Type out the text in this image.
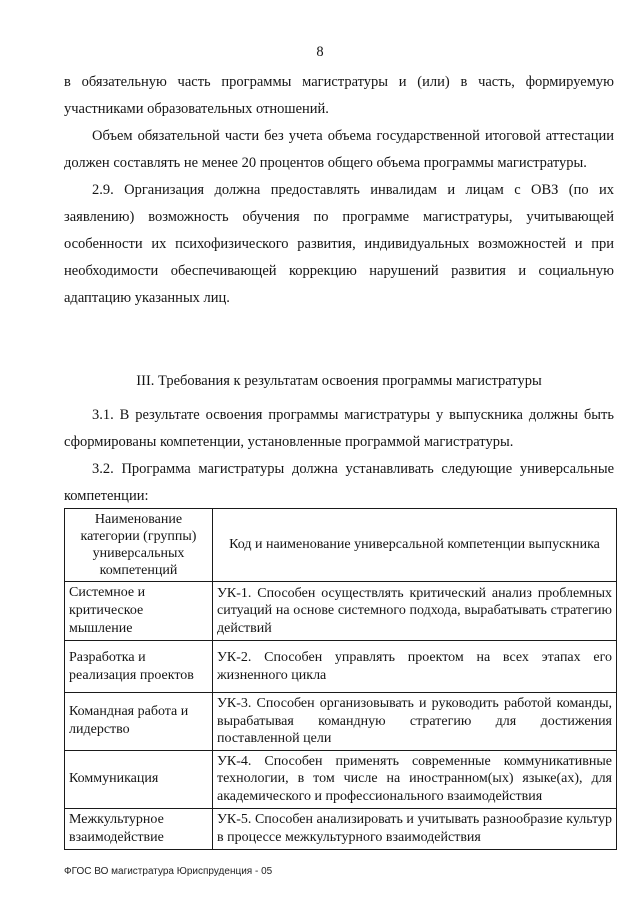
8

в обязательную часть программы магистратуры и (или) в часть, формируемую участниками образовательных отношений.

Объем обязательной части без учета объема государственной итоговой аттестации должен составлять не менее 20 процентов общего объема программы магистратуры.

2.9. Организация должна предоставлять инвалидам и лицам с ОВЗ (по их заявлению) возможность обучения по программе магистратуры, учитывающей особенности их психофизического развития, индивидуальных возможностей и при необходимости обеспечивающей коррекцию нарушений развития и социальную адаптацию указанных лиц.

III. Требования к результатам освоения программы магистратуры

3.1. В результате освоения программы магистратуры у выпускника должны быть сформированы компетенции, установленные программой магистратуры.

3.2. Программа магистратуры должна устанавливать следующие универсальные компетенции:

Наименование категории (группы) универсальных компетенций	Код и наименование универсальной компетенции выпускника
Системное и критическое мышление	УК-1. Способен осуществлять критический анализ проблемных ситуаций на основе системного подхода, вырабатывать стратегию действий
Разработка и реализация проектов	УК-2. Способен управлять проектом на всех этапах его жизненного цикла
Командная работа и лидерство	УК-3. Способен организовывать и руководить работой команды, вырабатывая командную стратегию для достижения поставленной цели
Коммуникация	УК-4. Способен применять современные коммуникативные технологии, в том числе на иностранном(ых) языке(ах), для академического и профессионального взаимодействия
Межкультурное взаимодействие	УК-5. Способен анализировать и учитывать разнообразие культур в процессе межкультурного взаимодействия
ФГОС ВО магистратура Юриспруденция - 05
